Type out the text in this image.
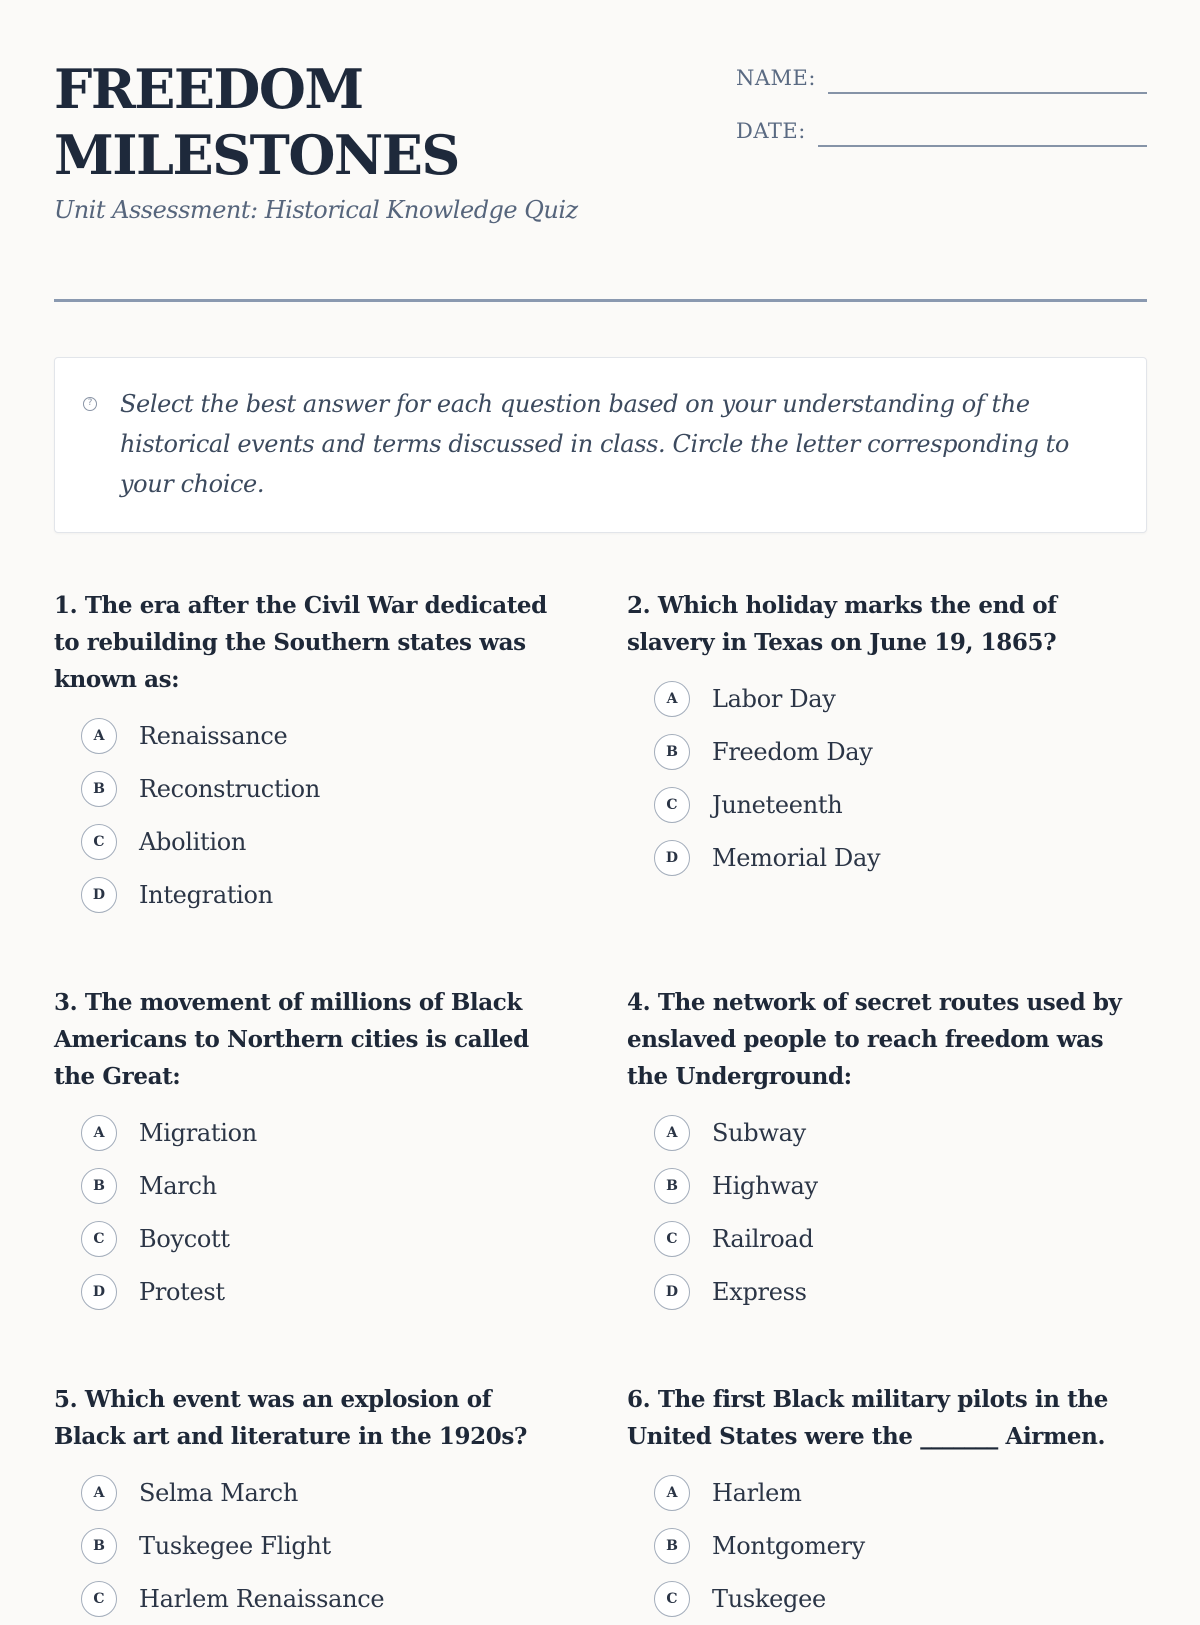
FREEDOM MILESTONES
Unit Assessment: Historical Knowledge Quiz
NAME:
DATE:
? Select the best answer for each question based on your understanding of the historical events and terms discussed in class. Circle the letter corresponding to your choice.

1. The era after the Civil War dedicated to rebuilding the Southern states was known as:

A	Renaissance
B	Reconstruction
C	Abolition
D	Integration

2. Which holiday marks the end of slavery in Texas on June 19, 1865?

A	Labor Day
B	Freedom Day
C	Juneteenth
D	Memorial Day

3. The movement of millions of Black Americans to Northern cities is called the Great:

A	Migration
B	March
C	Boycott
D	Protest

4. The network of secret routes used by enslaved people to reach freedom was the Underground:

A	Subway
B	Highway
C	Railroad
D	Express

5. Which event was an explosion of Black art and literature in the 1920s?

A	Selma March
B	Tuskegee Flight
C	Harlem Renaissance

6. The first Black military pilots in the United States were the _______ Airmen.

A	Harlem
B	Montgomery
C	Tuskegee
